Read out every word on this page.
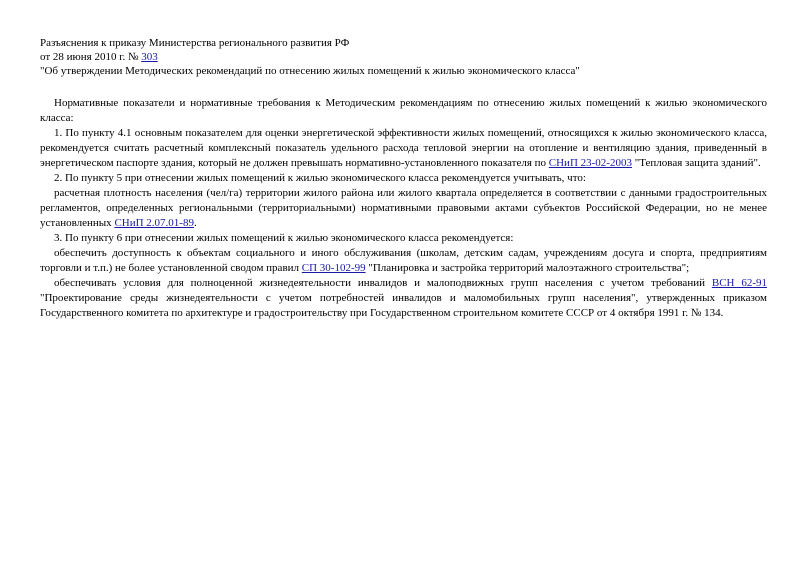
Разъяснения к приказу Министерства регионального развития РФ
от 28 июня 2010 г. № 303
"Об утверждении Методических рекомендаций по отнесению жилых помещений к жилью экономического класса"

Нормативные показатели и нормативные требования к Методическим рекомендациям по отнесению жилых помещений к жилью экономического класса:

1. По пункту 4.1 основным показателем для оценки энергетической эффективности жилых помещений, относящихся к жилью экономического класса, рекомендуется считать расчетный комплексный показатель удельного расхода тепловой энергии на отопление и вентиляцию здания, приведенный в энергетическом паспорте здания, который не должен превышать нормативно-установленного показателя по СНиП 23-02-2003 "Тепловая защита зданий".

2. По пункту 5 при отнесении жилых помещений к жилью экономического класса рекомендуется учитывать, что:

расчетная плотность населения (чел/га) территории жилого района или жилого квартала определяется в соответствии с данными градостроительных регламентов, определенных региональными (территориальными) нормативными правовыми актами субъектов Российской Федерации, но не менее установленных СНиП 2.07.01-89.

3. По пункту 6 при отнесении жилых помещений к жилью экономического класса рекомендуется:

обеспечить доступность к объектам социального и иного обслуживания (школам, детским садам, учреждениям досуга и спорта, предприятиям торговли и т.п.) не более установленной сводом правил СП 30-102-99 "Планировка и застройка территорий малоэтажного строительства";

обеспечивать условия для полноценной жизнедеятельности инвалидов и малоподвижных групп населения с учетом требований ВСН 62-91 "Проектирование среды жизнедеятельности с учетом потребностей инвалидов и маломобильных групп населения", утвержденных приказом Государственного комитета по архитектуре и градостроительству при Государственном строительном комитете СССР от 4 октября 1991 г. № 134.
